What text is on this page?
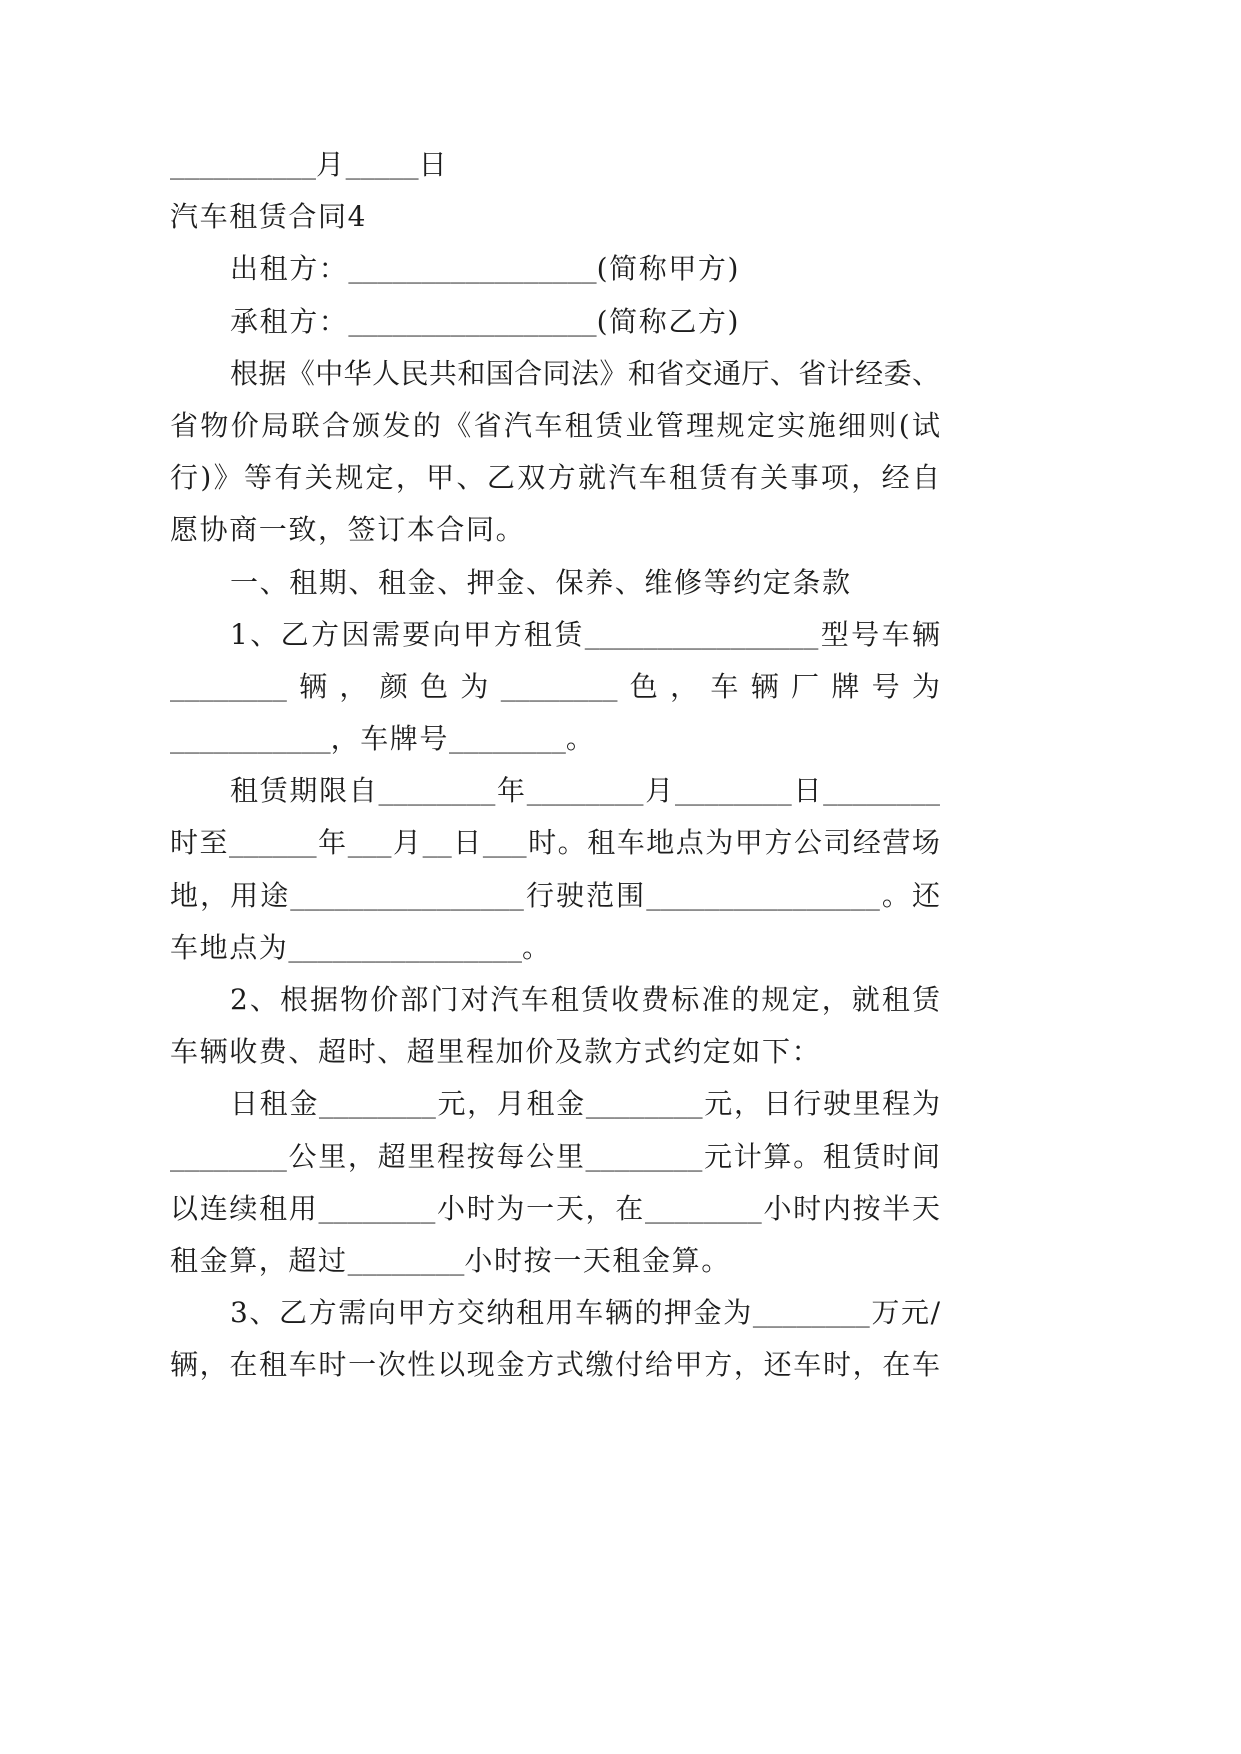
__________月_____日
汽车租赁合同4
出租方：_________________(简称甲方)
承租方：_________________(简称乙方)
根据《中华人民共和国合同法》和省交通厅、省计经委、
省物价局联合颁发的《省汽车租赁业管理规定实施细则(试
行)》等有关规定，甲、乙双方就汽车租赁有关事项，经自
愿协商一致，签订本合同。
一、租期、租金、押金、保养、维修等约定条款
1、乙方因需要向甲方租赁________________型号车辆
________辆，颜色为________色，车辆厂牌号为
___________，车牌号________。
租赁期限自________年________月________日________
时至______年___月__日___时。租车地点为甲方公司经营场
地，用途________________行驶范围________________。还
车地点为________________。
2、根据物价部门对汽车租赁收费标准的规定，就租赁
车辆收费、超时、超里程加价及款方式约定如下：
日租金________元，月租金________元，日行驶里程为
________公里，超里程按每公里________元计算。租赁时间
以连续租用________小时为一天，在________小时内按半天
租金算，超过________小时按一天租金算。
3、乙方需向甲方交纳租用车辆的押金为________万元/
辆，在租车时一次性以现金方式缴付给甲方，还车时，在车
